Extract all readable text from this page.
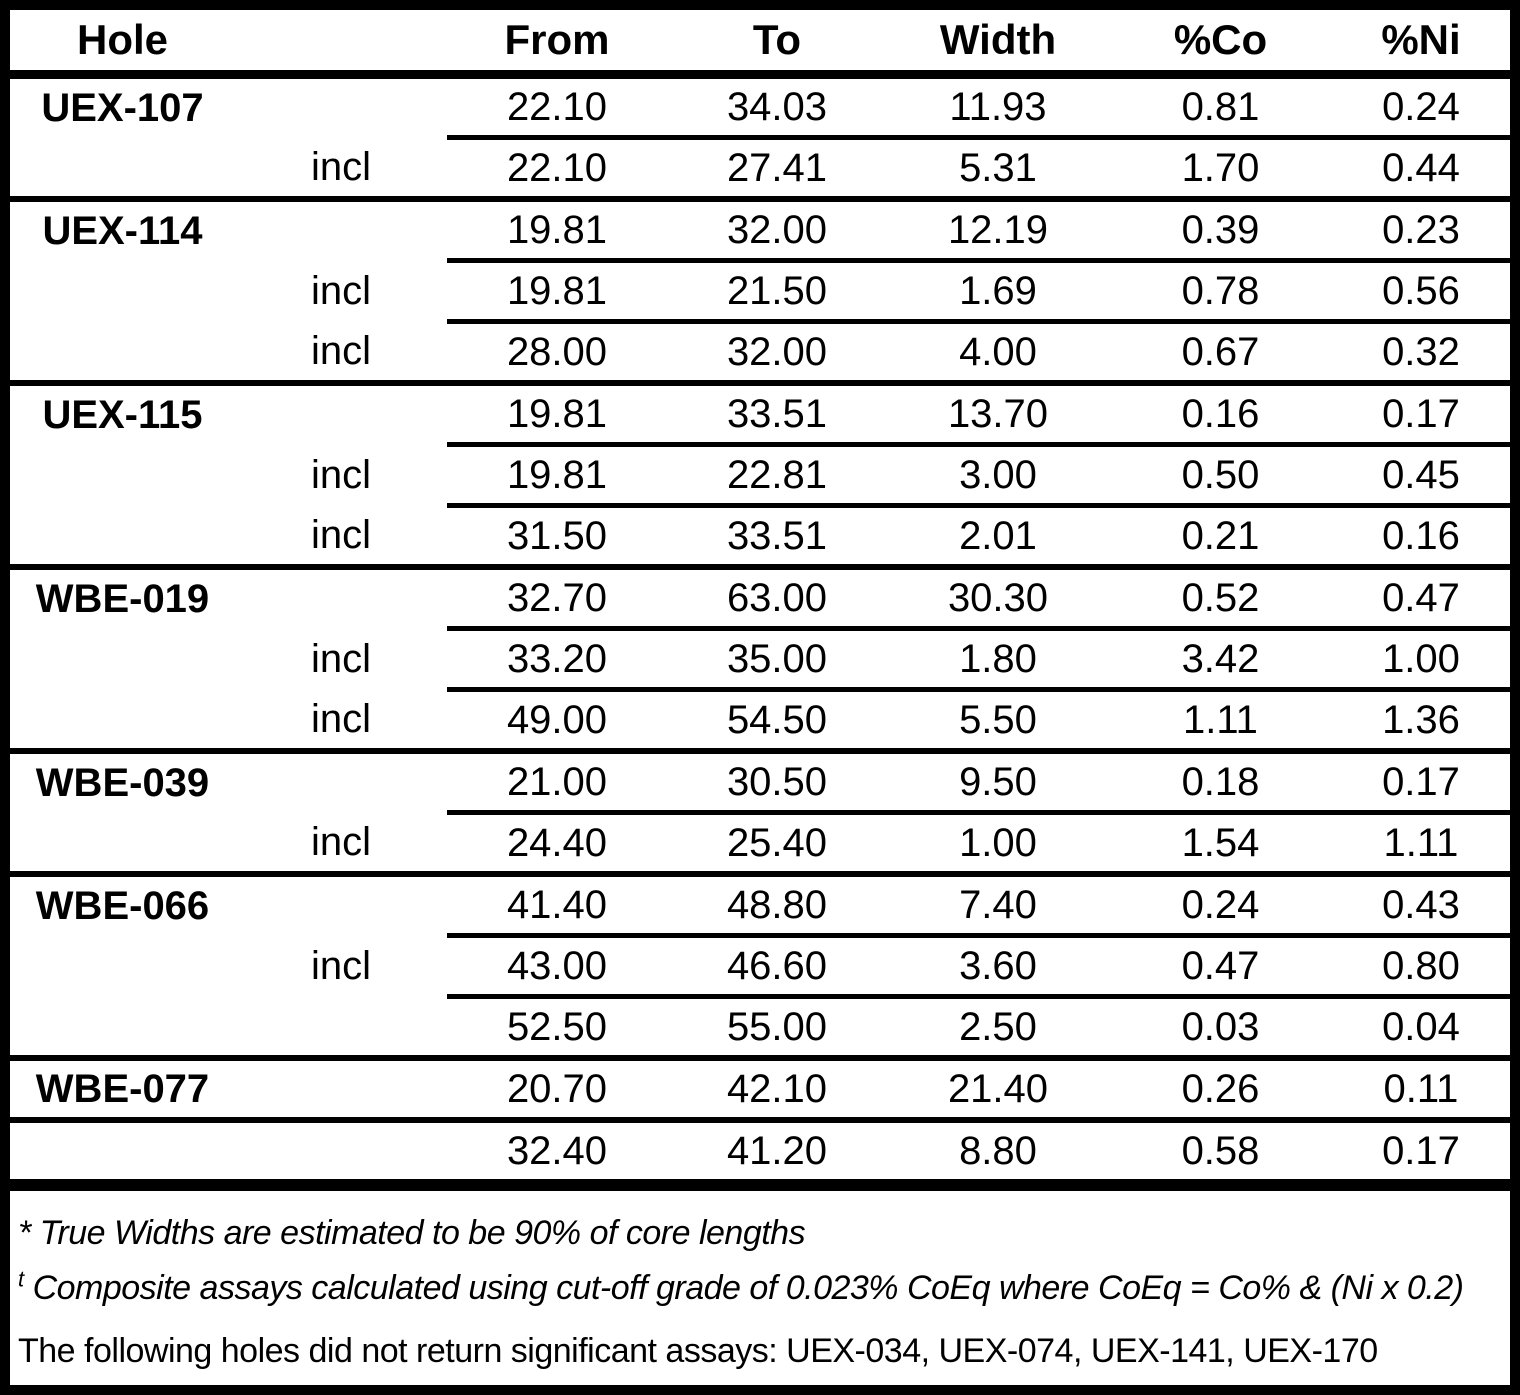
Hole		From	To	Width	%Co	%Ni
UEX-107		22.10	34.03	11.93	0.81	0.24
	incl	22.10	27.41	5.31	1.70	0.44
UEX-114		19.81	32.00	12.19	0.39	0.23
	incl	19.81	21.50	1.69	0.78	0.56
	incl	28.00	32.00	4.00	0.67	0.32
UEX-115		19.81	33.51	13.70	0.16	0.17
	incl	19.81	22.81	3.00	0.50	0.45
	incl	31.50	33.51	2.01	0.21	0.16
WBE-019		32.70	63.00	30.30	0.52	0.47
	incl	33.20	35.00	1.80	3.42	1.00
	incl	49.00	54.50	5.50	1.11	1.36
WBE-039		21.00	30.50	9.50	0.18	0.17
	incl	24.40	25.40	1.00	1.54	1.11
WBE-066		41.40	48.80	7.40	0.24	0.43
	incl	43.00	46.60	3.60	0.47	0.80
		52.50	55.00	2.50	0.03	0.04
WBE-077		20.70	42.10	21.40	0.26	0.11
		32.40	41.20	8.80	0.58	0.17
* True Widths are estimated to be 90% of core lengths
$^t$ Composite assays calculated using cut-off grade of 0.023% CoEq where CoEq = Co% & (Ni x 0.2)
The following holes did not return significant assays: UEX-034, UEX-074, UEX-141, UEX-170
